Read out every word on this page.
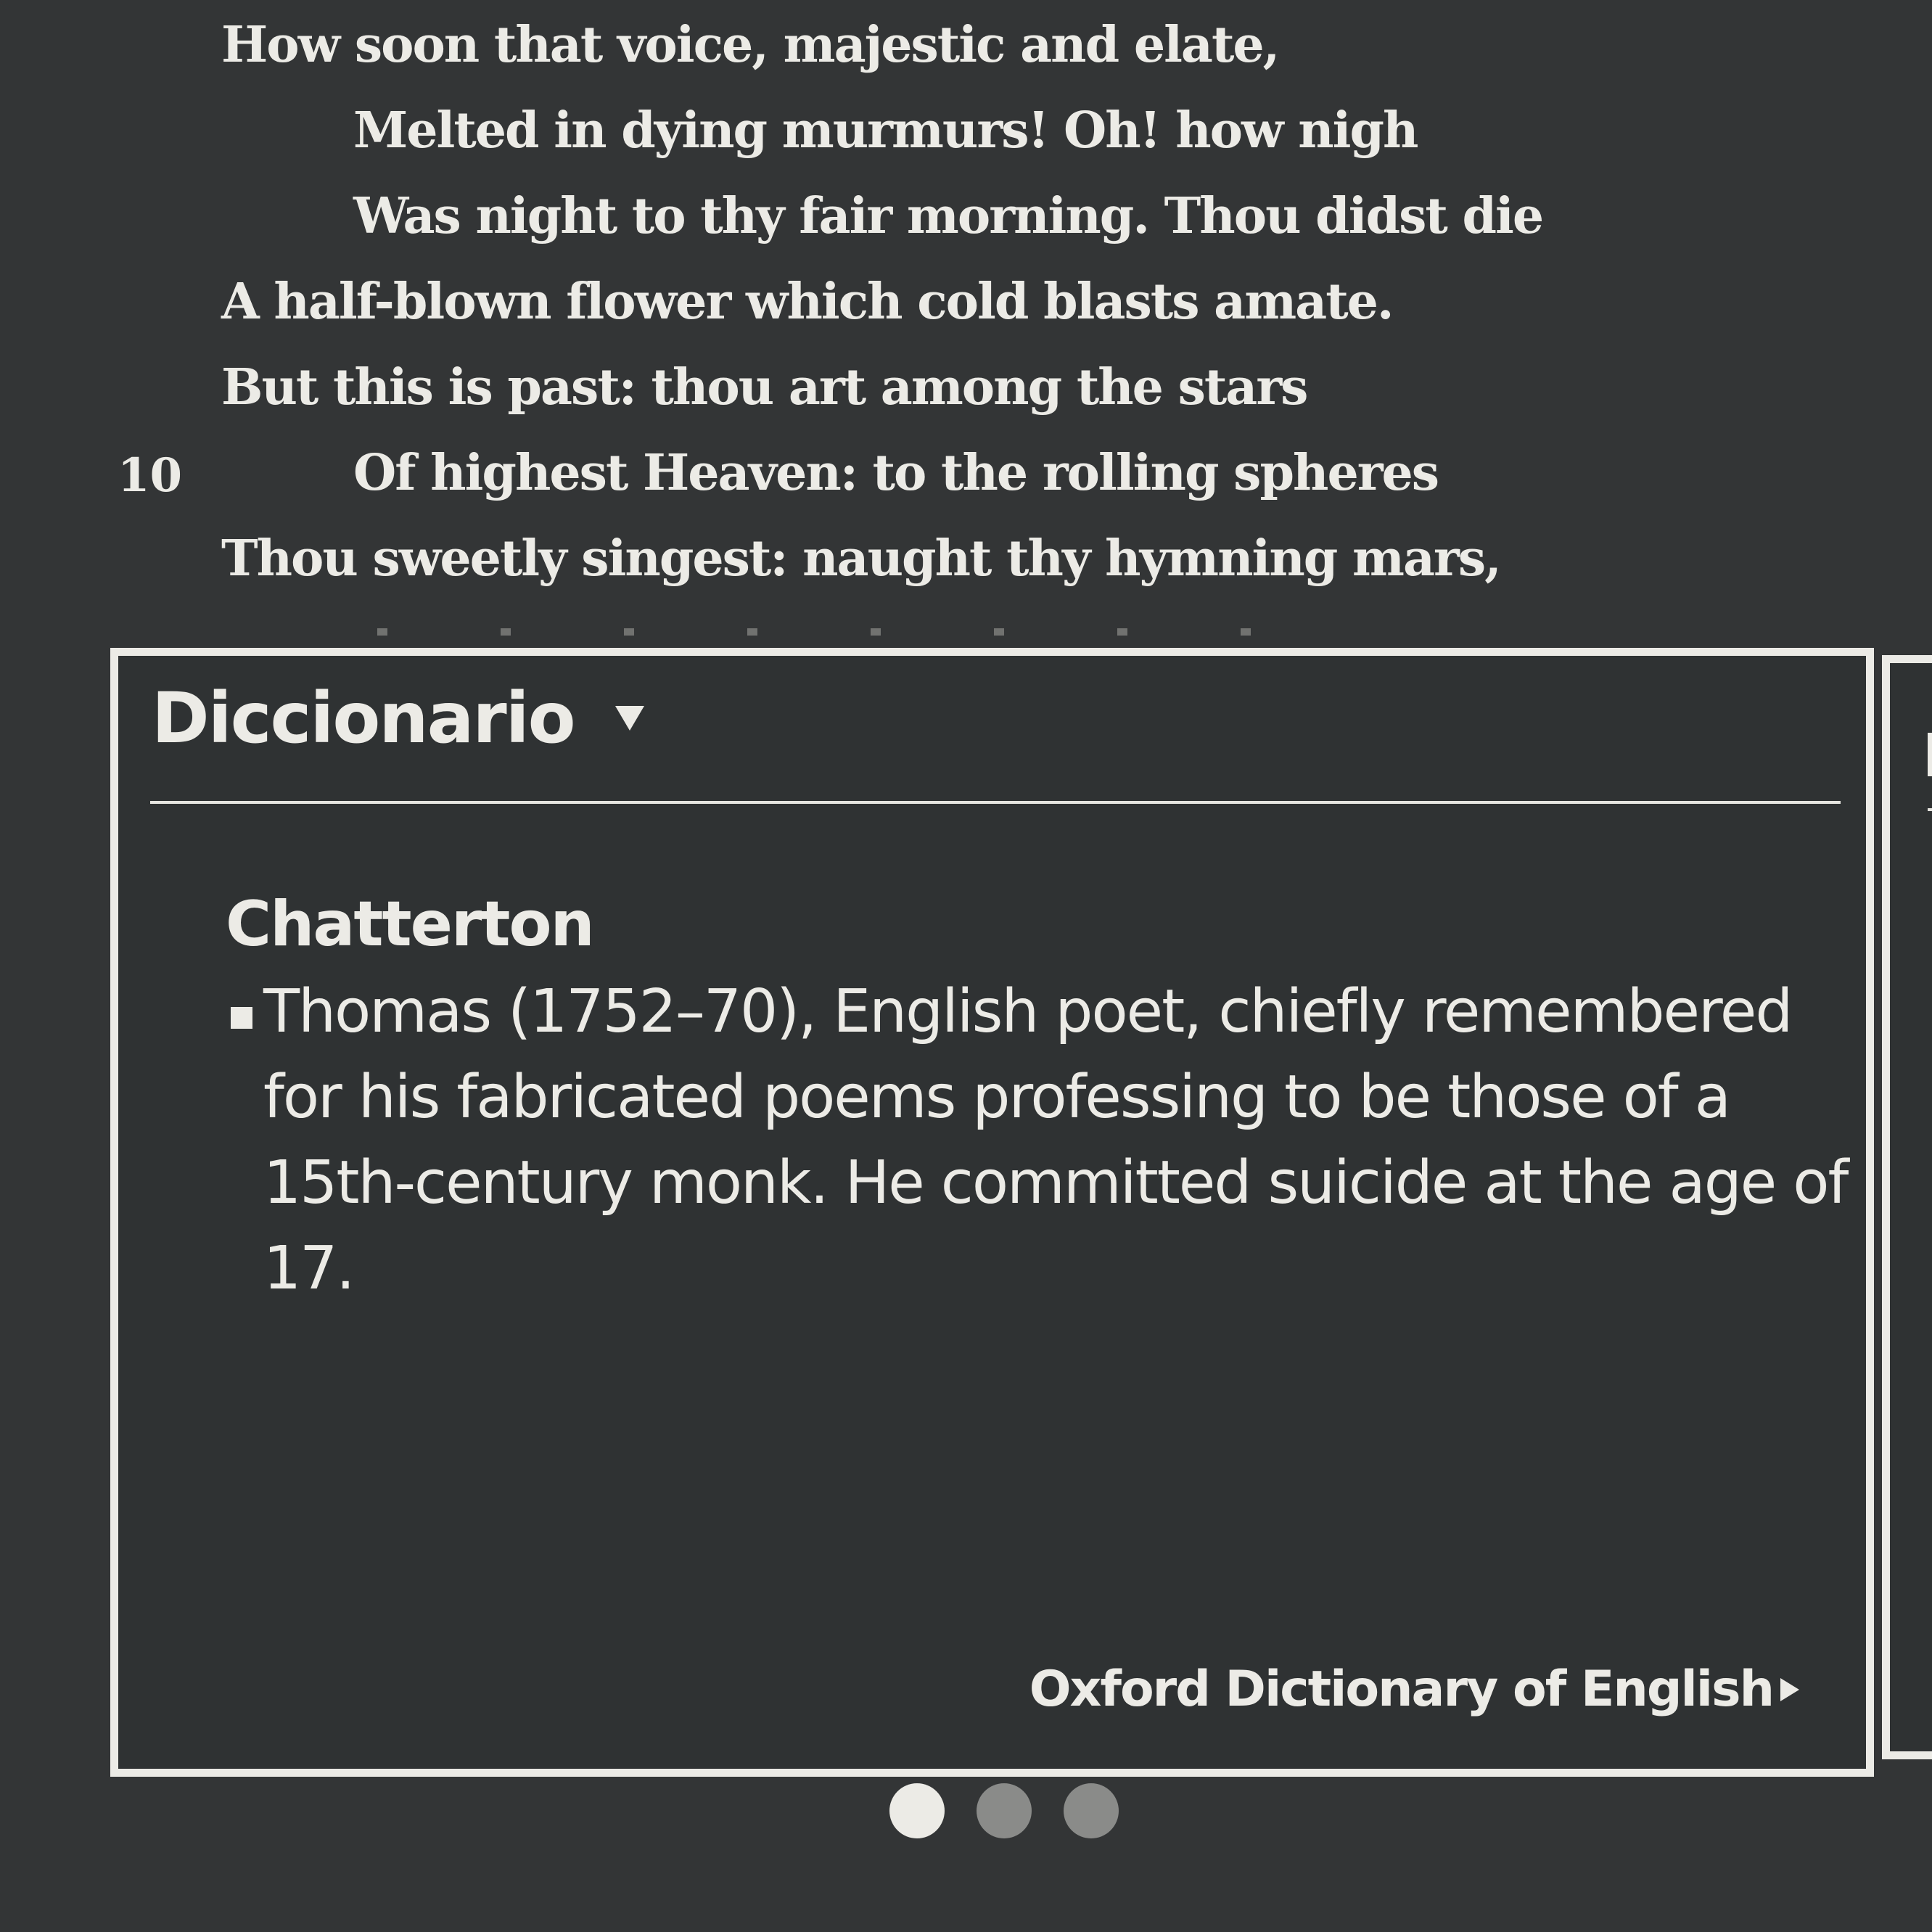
How soon that voice, majestic and elate,
Melted in dying murmurs! Oh! how nigh
Was night to thy fair morning. Thou didst die
A half-blown flower which cold blasts amate.
But this is past: thou art among the stars
10	Of highest Heaven: to the rolling spheres
Thou sweetly singest: naught thy hymning mars,
Diccionario
Chatterton
Thomas (1752–70), English poet, chiefly remembered for his fabricated poems professing to be those of a 15th-century monk. He committed suicide at the age of 17.
Oxford Dictionary of English
